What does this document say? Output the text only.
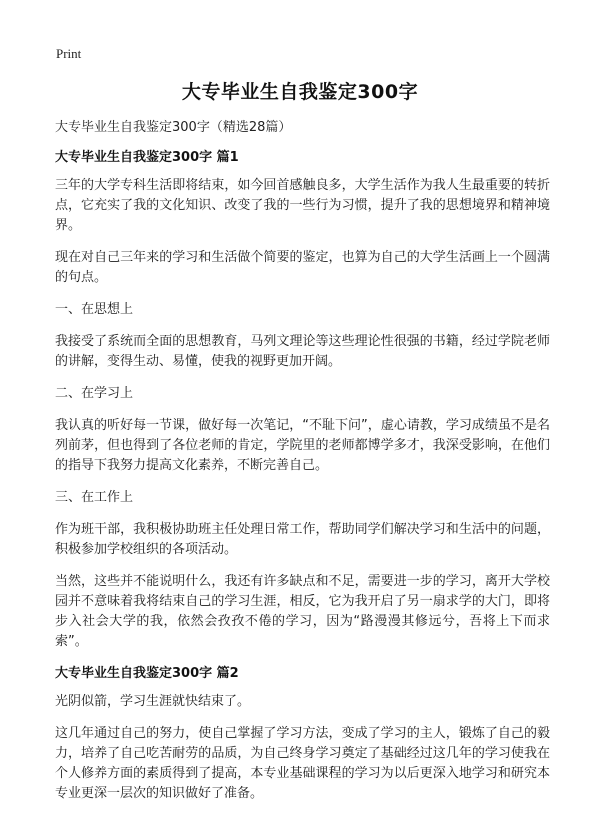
Print
大专毕业生自我鉴定300字

大专毕业生自我鉴定300字（精选28篇）

大专毕业生自我鉴定300字 篇1

三年的大学专科生活即将结束，如今回首感触良多，大学生活作为我人生最重要的转折点，它充实了我的文化知识、改变了我的一些行为习惯，提升了我的思想境界和精神境界。

现在对自己三年来的学习和生活做个简要的鉴定，也算为自己的大学生活画上一个圆满的句点。

一、在思想上

我接受了系统而全面的思想教育，马列文理论等这些理论性很强的书籍，经过学院老师的讲解，变得生动、易懂，使我的视野更加开阔。

二、在学习上

我认真的听好每一节课，做好每一次笔记，“不耻下问”，虚心请教，学习成绩虽不是名列前茅，但也得到了各位老师的肯定，学院里的老师都博学多才，我深受影响，在他们的指导下我努力提高文化素养，不断完善自己。

三、在工作上

作为班干部，我积极协助班主任处理日常工作，帮助同学们解决学习和生活中的问题，积极参加学校组织的各项活动。

当然，这些并不能说明什么，我还有许多缺点和不足，需要进一步的学习，离开大学校园并不意味着我将结束自己的学习生涯，相反，它为我开启了另一扇求学的大门，即将步入社会大学的我，依然会孜孜不倦的学习，因为“路漫漫其修远兮，吾将上下而求索”。

大专毕业生自我鉴定300字 篇2

光阴似箭，学习生涯就快结束了。

这几年通过自己的努力，使自己掌握了学习方法，变成了学习的主人，锻炼了自己的毅力，培养了自己吃苦耐劳的品质，为自己终身学习奠定了基础经过这几年的学习使我在个人修养方面的素质得到了提高，本专业基础课程的学习为以后更深入地学习和研究本专业更深一层次的知识做好了准备。
